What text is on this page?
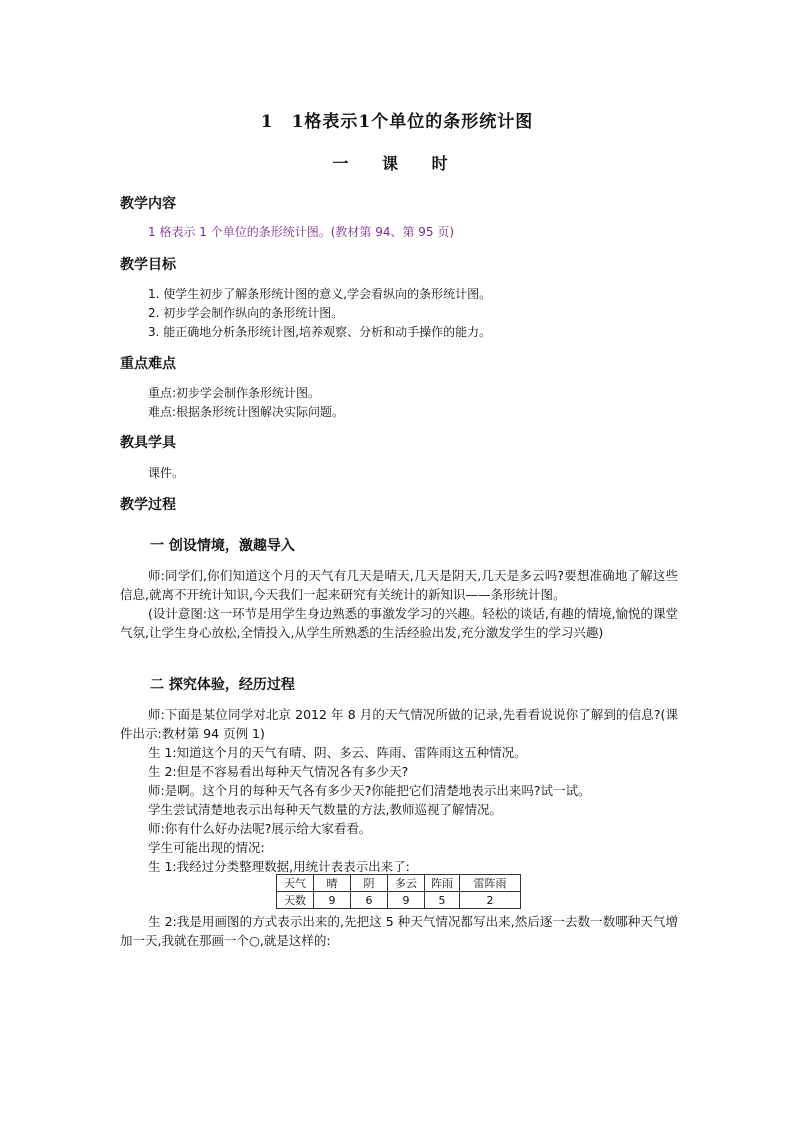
1　1格表示1个单位的条形统计图
一 课 时
教学内容
1 格表示 1 个单位的条形统计图。(教材第 94、第 95 页)
教学目标
1. 使学生初步了解条形统计图的意义,学会看纵向的条形统计图。
2. 初步学会制作纵向的条形统计图。
3. 能正确地分析条形统计图,培养观察、分析和动手操作的能力。
重点难点
重点:初步学会制作条形统计图。
难点:根据条形统计图解决实际问题。
教具学具
课件。
教学过程
一 创设情境，激趣导入
师:同学们,你们知道这个月的天气有几天是晴天,几天是阴天,几天是多云吗?要想准确地了解这些信息,就离不开统计知识,今天我们一起来研究有关统计的新知识——条形统计图。
(设计意图:这一环节是用学生身边熟悉的事激发学习的兴趣。轻松的谈话,有趣的情境,愉悦的课堂气氛,让学生身心放松,全情投入,从学生所熟悉的生活经验出发,充分激发学生的学习兴趣)
二 探究体验，经历过程
师:下面是某位同学对北京 2012 年 8 月的天气情况所做的记录,先看看说说你了解到的信息?(课件出示:教材第 94 页例 1)
生 1:知道这个月的天气有晴、阴、多云、阵雨、雷阵雨这五种情况。
生 2:但是不容易看出每种天气情况各有多少天?
师:是啊。这个月的每种天气各有多少天?你能把它们清楚地表示出来吗?试一试。
学生尝试清楚地表示出每种天气数量的方法,教师巡视了解情况。
师:你有什么好办法呢?展示给大家看看。
学生可能出现的情况:
生 1:我经过分类整理数据,用统计表表示出来了:
天气	晴	阴	多云	阵雨	雷阵雨
天数	9	6	9	5	2
生 2:我是用画图的方式表示出来的,先把这 5 种天气情况都写出来,然后逐一去数一数哪种天气增加一天,我就在那画一个○,就是这样的:
